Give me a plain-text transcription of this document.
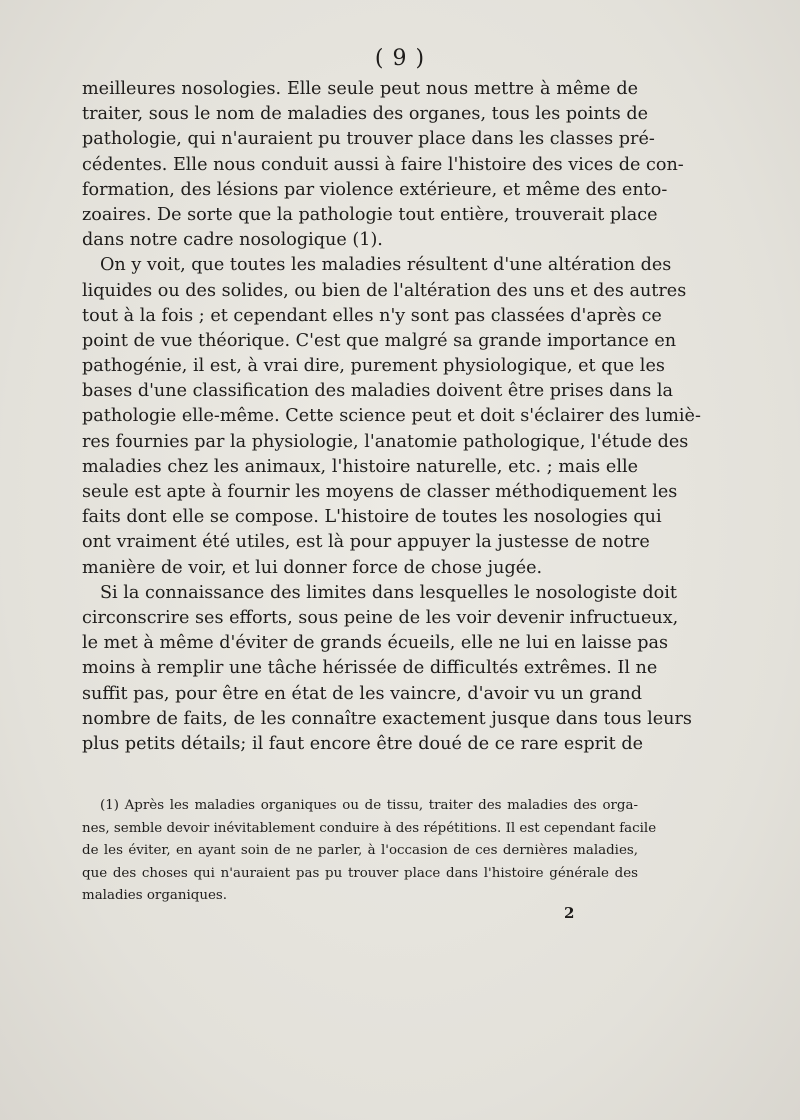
( 9 )
meilleures nosologies. Elle seule peut nous mettre à même de
traiter, sous le nom de maladies des organes, tous les points de
pathologie, qui n'auraient pu trouver place dans les classes pré-
cédentes. Elle nous conduit aussi à faire l'histoire des vices de con-
formation, des lésions par violence extérieure, et même des ento-
zoaires. De sorte que la pathologie tout entière, trouverait place
dans notre cadre nosologique (1).
On y voit, que toutes les maladies résultent d'une altération des
liquides ou des solides, ou bien de l'altération des uns et des autres
tout à la fois ; et cependant elles n'y sont pas classées d'après ce
point de vue théorique. C'est que malgré sa grande importance en
pathogénie, il est, à vrai dire, purement physiologique, et que les
bases d'une classification des maladies doivent être prises dans la
pathologie elle-même. Cette science peut et doit s'éclairer des lumiè-
res fournies par la physiologie, l'anatomie pathologique, l'étude des
maladies chez les animaux, l'histoire naturelle, etc. ; mais elle
seule est apte à fournir les moyens de classer méthodiquement les
faits dont elle se compose. L'histoire de toutes les nosologies qui
ont vraiment été utiles, est là pour appuyer la justesse de notre
manière de voir, et lui donner force de chose jugée.
Si la connaissance des limites dans lesquelles le nosologiste doit
circonscrire ses efforts, sous peine de les voir devenir infructueux,
le met à même d'éviter de grands écueils, elle ne lui en laisse pas
moins à remplir une tâche hérissée de difficultés extrêmes. Il ne
suffit pas, pour être en état de les vaincre, d'avoir vu un grand
nombre de faits, de les connaître exactement jusque dans tous leurs
plus petits détails; il faut encore être doué de ce rare esprit de
(1) Après les maladies organiques ou de tissu, traiter des maladies des orga-
nes, semble devoir inévitablement conduire à des répétitions. Il est cependant facile
de les éviter, en ayant soin de ne parler, à l'occasion de ces dernières maladies,
que des choses qui n'auraient pas pu trouver place dans l'histoire générale des
maladies organiques.
2
